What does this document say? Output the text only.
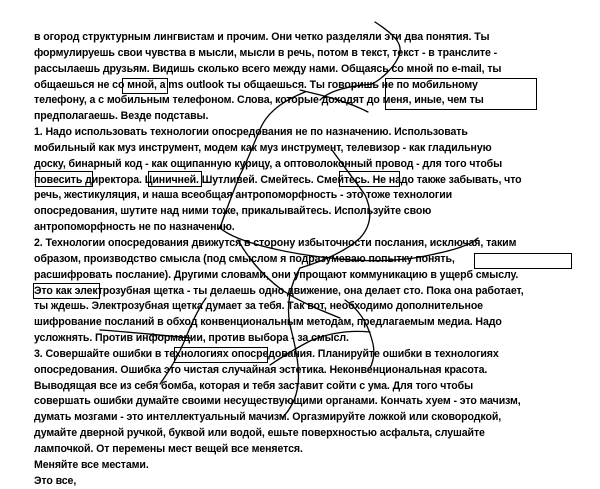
в огород структурным лингвистам и прочим. Они четко разделяли эти два понятия. Ты
формулируешь свои чувства в мысли, мысли в речь, потом в текст, текст - в транслите -
рассылаешь друзьям. Видишь сколько всего между нами. Общаясь со мной по e-mail, ты
общаешься не со мной, а ms outlook ты общаешься. Ты говоришь не по мобильному
телефону, а с мобильным телефоном. Слова, которые доходят до меня, иные, чем ты
предполагаешь. Везде подставы.
1. Надо использовать технологии опосредования не по назначению. Использовать
мобильный как муз инструмент, модем как муз инструмент, телевизор - как гладильную
доску, бинарный код - как ощипанную курицу, а оптоволоконный провод - для того чтобы
повесить директора. Циничней. Шутливей. Смейтесь. Смейтесь. Не надо также забывать, что
речь, жестикуляция, и наша всеобщая антропоморфность - это тоже технологии
опосредования, шутите над ними тоже, прикалывайтесь. Используйте свою
антропоморфность не по назначению.
2. Технологии опосредования движутся в сторону избыточности послания, исключая, таким
образом, производство смысла (под смыслом я подразумеваю попытку понять,
расшифровать послание). Другими словами, они упрощают коммуникацию в ущерб смыслу.
Это как электрозубная щетка - ты делаешь одно движение, она делает сто. Пока она работает,
ты ждешь. Электрозубная щетка думает за тебя. Так вот, необходимо дополнительное
шифрование посланий в обход конвенциональным методам, предлагаемым медиа. Надо
усложнять. Против информации, против выбора - за смысл.
3. Совершайте ошибки в технологиях опосредования. Планируйте ошибки в технологиях
опосредования. Ошибка это чистая случайная эстетика. Неконвенциональная красота.
Выводящая все из себя бомба, которая и тебя заставит сойти с ума. Для того чтобы
совершать ошибки думайте своими несуществующими органами. Кончать хуем - это мачизм,
думать мозгами - это интеллектуальный мачизм. Оргазмируйте ложкой или сковородкой,
думайте дверной ручкой, буквой или водой, ешьте поверхностью асфальта, слушайте
лампочкой. От перемены мест вещей все меняется.
Меняйте все местами.
Это все,
